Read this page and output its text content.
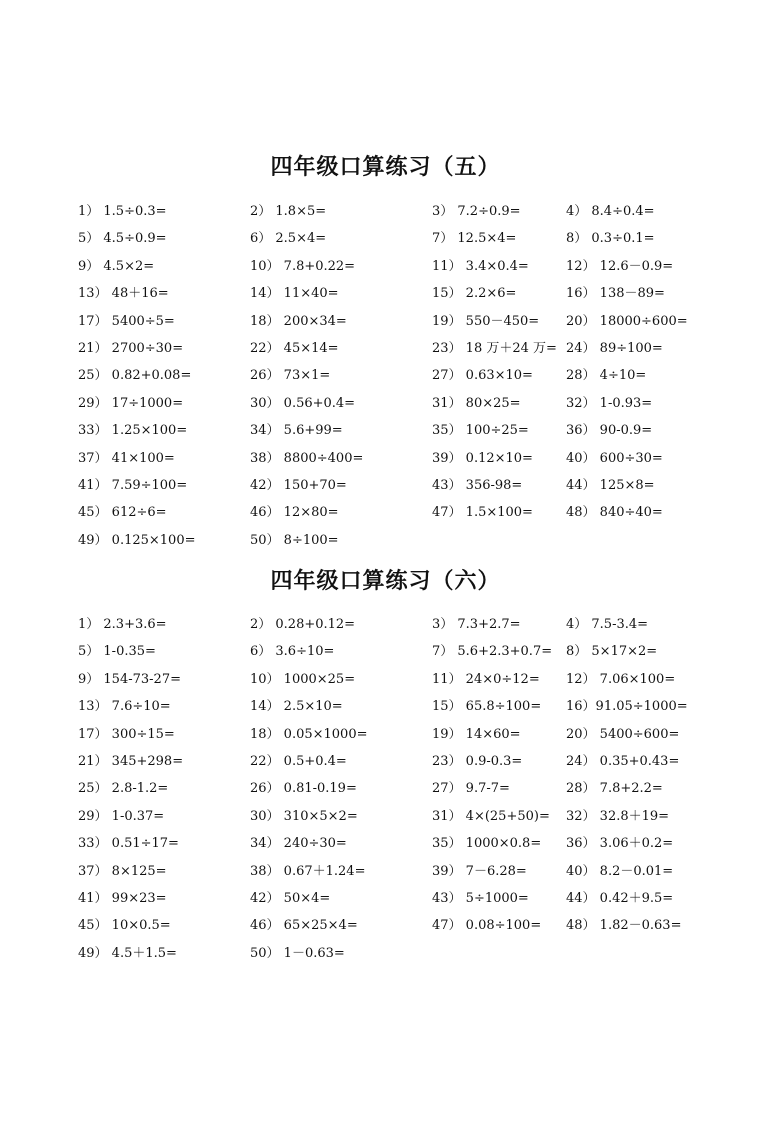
四年级口算练习（五）
1） 1.5÷0.3=	2） 1.8×5=	3） 7.2÷0.9=	4） 8.4÷0.4=
5） 4.5÷0.9=	6） 2.5×4=	7） 12.5×4=	8） 0.3÷0.1=
9） 4.5×2=	10） 7.8+0.22=	11） 3.4×0.4=	12） 12.6－0.9=
13） 48＋16=	14） 11×40=	15） 2.2×6=	16） 138－89=
17） 5400÷5=	18） 200×34=	19） 550－450= 20） 18000÷600=
21） 2700÷30=	22） 45×14=	23） 18 万＋24 万= 24） 89÷100=
25） 0.82+0.08=	26） 73×1=	27） 0.63×10=	28） 4÷10=
29） 17÷1000=	30） 0.56+0.4=	31） 80×25=	32） 1-0.93=
33） 1.25×100=	34） 5.6+99=	35） 100÷25=	36） 90-0.9=
37） 41×100=	38） 8800÷400=	39） 0.12×10=	40） 600÷30=
41） 7.59÷100=	42） 150+70=	43） 356-98=	44） 125×8=
45） 612÷6=	46） 12×80=	47） 1.5×100=	48） 840÷40=
49） 0.125×100=	50） 8÷100=
四年级口算练习（六）
1） 2.3+3.6=	2） 0.28+0.12=	3） 7.3+2.7=	4） 7.5-3.4=
5） 1-0.35=	6） 3.6÷10=	7） 5.6+2.3+0.7= 8） 5×17×2=
9） 154-73-27=	10） 1000×25=	11） 24×0÷12= 12） 7.06×100=
13） 7.6÷10=	14） 2.5×10=	15） 65.8÷100= 16）91.05÷1000=
17） 300÷15=	18） 0.05×1000=	19） 14×60=	20） 5400÷600=
21） 345+298=	22） 0.5+0.4=	23） 0.9-0.3=	24） 0.35+0.43=
25） 2.8-1.2=	26） 0.81-0.19=	27） 9.7-7=	28） 7.8+2.2=
29） 1-0.37=	30） 310×5×2=	31） 4×(25+50)= 32） 32.8＋19=
33） 0.51÷17=	34） 240÷30=	35） 1000×0.8= 36） 3.06＋0.2=
37） 8×125=	38） 0.67＋1.24=	39） 7－6.28=	40） 8.2－0.01=
41） 99×23=	42） 50×4=	43） 5÷1000=	44） 0.42＋9.5=
45） 10×0.5=	46） 65×25×4=	47） 0.08÷100= 48） 1.82－0.63=
49） 4.5＋1.5=	50） 1－0.63=
